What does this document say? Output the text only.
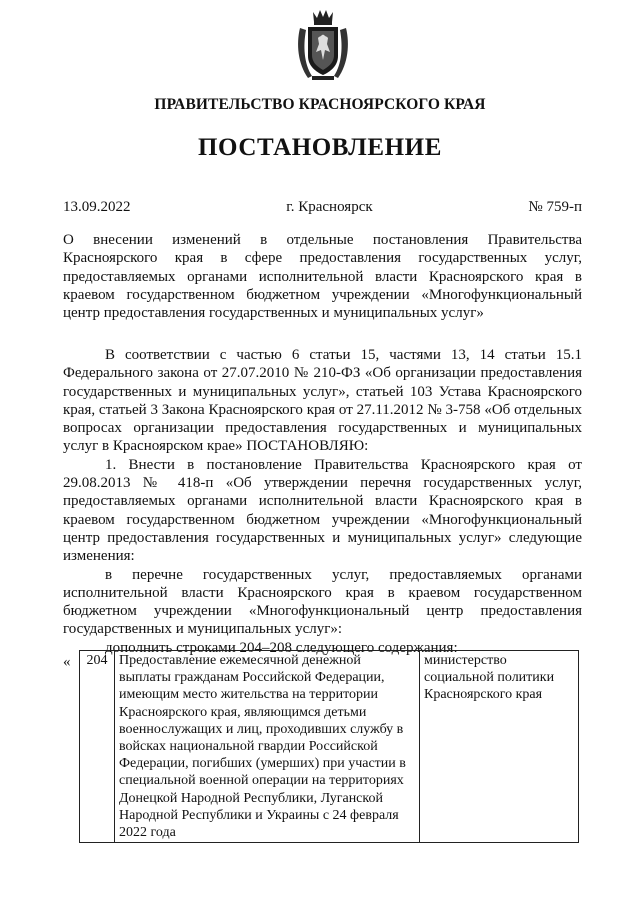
ПРАВИТЕЛЬСТВО КРАСНОЯРСКОГО КРАЯ
ПОСТАНОВЛЕНИЕ
13.09.2022	г. Красноярск	№ 759-п
О внесении изменений в отдельные постановления Правительства Красноярского края в сфере предоставления государственных услуг, предоставляемых органами исполнительной власти Красноярского края в краевом государственном бюджетном учреждении «Многофункциональный центр предоставления государственных и муниципальных услуг»

В соответствии с частью 6 статьи 15, частями 13, 14 статьи 15.1 Федерального закона от 27.07.2010 № 210-ФЗ «Об организации предоставления государственных и муниципальных услуг», статьей 103 Устава Красноярского края, статьей 3 Закона Красноярского края от 27.11.2012 № 3-758 «Об отдельных вопросах организации предоставления государственных и муниципальных услуг в Красноярском крае» ПОСТАНОВЛЯЮ:

1. Внести в постановление Правительства Красноярского края от 29.08.2013 № 418-п «Об утверждении перечня государственных услуг, предоставляемых органами исполнительной власти Красноярского края в краевом государственном бюджетном учреждении «Многофункциональный центр предоставления государственных и муниципальных услуг» следующие изменения:

в перечне государственных услуг, предоставляемых органами исполнительной власти Красноярского края в краевом государственном бюджетном учреждении «Многофункциональный центр предоставления государственных и муниципальных услуг»:

дополнить строками 204–208 следующего содержания:

« 204	Предоставление ежемесячной денежной выплаты гражданам Российской Федерации, имеющим место жительства на территории Красноярского края, являющимся детьми военнослужащих и лиц, проходивших службу в войсках национальной гвардии Российской Федерации, погибших (умерших) при участии в специальной военной операции на территориях Донецкой Народной Республики, Луганской Народной Республики и Украины с 24 февраля 2022 года	министерство социальной политики Красноярского края
